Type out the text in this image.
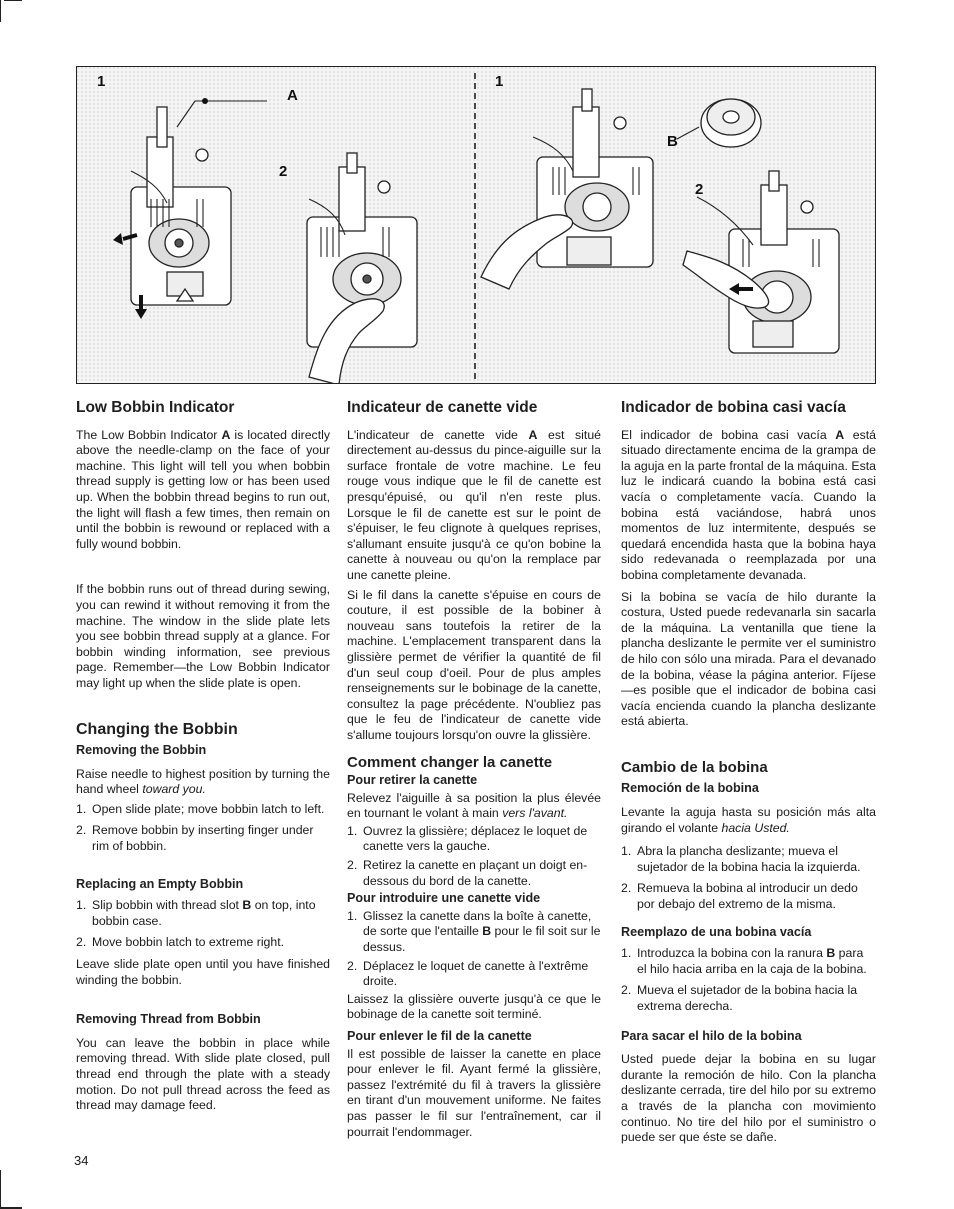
1
A
2
1
B
2
Low Bobbin Indicator

The Low Bobbin Indicator A is located directly above the needle-clamp on the face of your machine. This light will tell you when bobbin thread supply is getting low or has been used up. When the bobbin thread begins to run out, the light will flash a few times, then remain on until the bobbin is rewound or replaced with a fully wound bobbin.

If the bobbin runs out of thread during sewing, you can rewind it without removing it from the machine. The window in the slide plate lets you see bobbin thread supply at a glance. For bobbin winding information, see previous page. Remember—the Low Bobbin Indicator may light up when the slide plate is open.

Changing the Bobbin
Removing the Bobbin

Raise needle to highest position by turning the hand wheel toward you.

1. Open slide plate; move bobbin latch to left.
2. Remove bobbin by inserting finger under rim of bobbin.
Replacing an Empty Bobbin
1. Slip bobbin with thread slot B on top, into bobbin case.
2. Move bobbin latch to extreme right.

Leave slide plate open until you have finished winding the bobbin.

Removing Thread from Bobbin

You can leave the bobbin in place while removing thread. With slide plate closed, pull thread end through the plate with a steady motion. Do not pull thread across the feed as thread may damage feed.

Indicateur de canette vide

L'indicateur de canette vide A est situé directement au-dessus du pince-aiguille sur la surface frontale de votre machine. Le feu rouge vous indique que le fil de canette est presqu'épuisé, ou qu'il n'en reste plus. Lorsque le fil de canette est sur le point de s'épuiser, le feu clignote à quelques reprises, s'allumant ensuite jusqu'à ce qu'on bobine la canette à nouveau ou qu'on la remplace par une canette pleine.

Si le fil dans la canette s'épuise en cours de couture, il est possible de la bobiner à nouveau sans toutefois la retirer de la machine. L'emplacement transparent dans la glissière permet de vérifier la quantité de fil d'un seul coup d'oeil. Pour de plus amples renseignements sur le bobinage de la canette, consultez la page précédente. N'oubliez pas que le feu de l'indicateur de canette vide s'allume toujours lorsqu'on ouvre la glissière.

Comment changer la canette
Pour retirer la canette

Relevez l'aiguille à sa position la plus élevée en tournant le volant à main vers l'avant.

1. Ouvrez la glissière; déplacez le loquet de canette vers la gauche.
2. Retirez la canette en plaçant un doigt en-dessous du bord de la canette.
Pour introduire une canette vide
1. Glissez la canette dans la boîte à canette, de sorte que l'entaille B pour le fil soit sur le dessus.
2. Déplacez le loquet de canette à l'extrême droite.

Laissez la glissière ouverte jusqu'à ce que le bobinage de la canette soit terminé.

Pour enlever le fil de la canette

Il est possible de laisser la canette en place pour enlever le fil. Ayant fermé la glissière, passez l'extrémité du fil à travers la glissière en tirant d'un mouvement uniforme. Ne faites pas passer le fil sur l'entraînement, car il pourrait l'endommager.

Indicador de bobina casi vacía

El indicador de bobina casi vacía A está situado directamente encima de la grampa de la aguja en la parte frontal de la máquina. Esta luz le indicará cuando la bobina está casi vacía o completamente vacía. Cuando la bobina está vaciándose, habrá unos momentos de luz intermitente, después se quedará encendida hasta que la bobina haya sido redevanada o reemplazada por una bobina completamente devanada.

Si la bobina se vacía de hilo durante la costura, Usted puede redevanarla sin sacarla de la máquina. La ventanilla que tiene la plancha deslizante le permite ver el suministro de hilo con sólo una mirada. Para el devanado de la bobina, véase la página anterior. Fíjese—es posible que el indicador de bobina casi vacía encienda cuando la plancha deslizante está abierta.

Cambio de la bobina
Remoción de la bobina

Levante la aguja hasta su posición más alta girando el volante hacia Usted.

1. Abra la plancha deslizante; mueva el sujetador de la bobina hacia la izquierda.
2. Remueva la bobina al introducir un dedo por debajo del extremo de la misma.
Reemplazo de una bobina vacía
1. Introduzca la bobina con la ranura B para el hilo hacia arriba en la caja de la bobina.
2. Mueva el sujetador de la bobina hacia la extrema derecha.
Para sacar el hilo de la bobina

Usted puede dejar la bobina en su lugar durante la remoción de hilo. Con la plancha deslizante cerrada, tire del hilo por su extremo a través de la plancha con movimiento continuo. No tire del hilo por el suministro o puede ser que éste se dañe.

34
